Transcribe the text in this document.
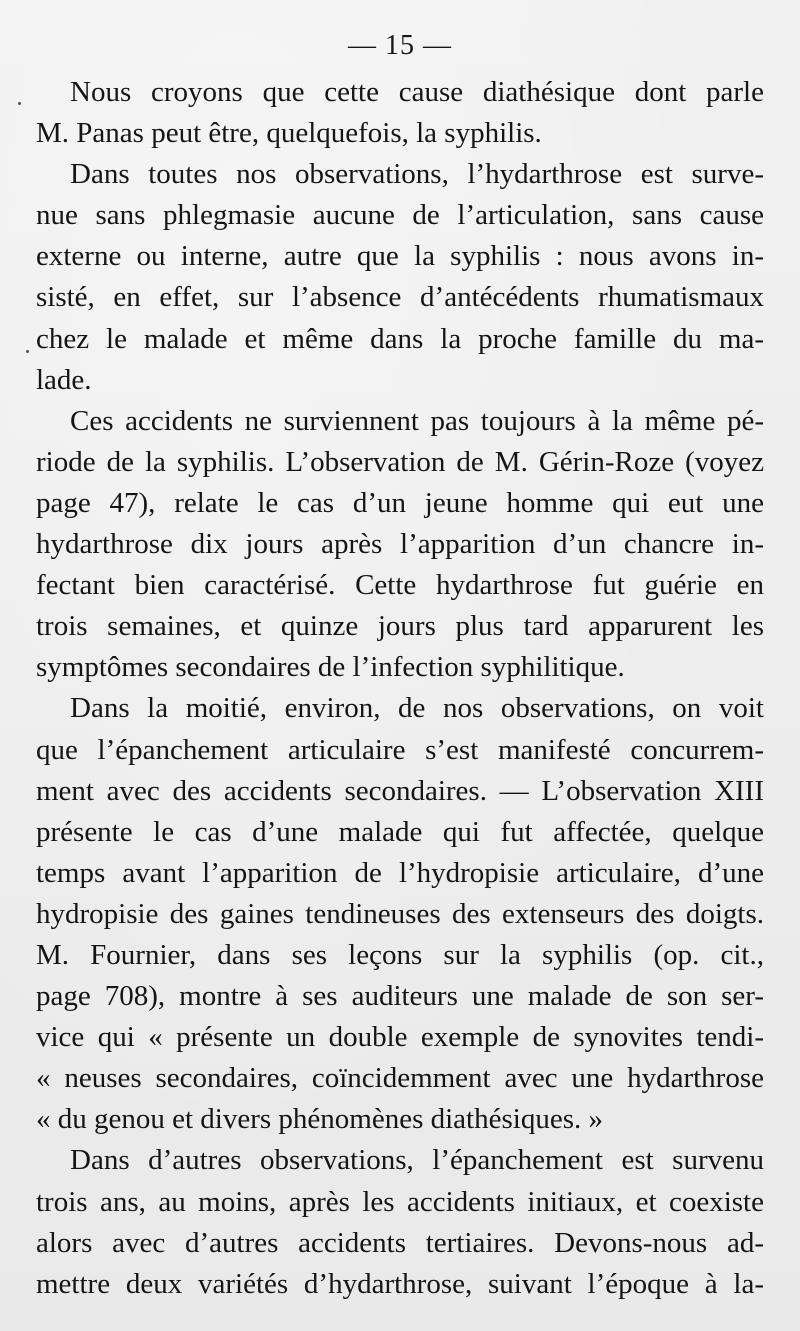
— 15 —
Nous croyons que cette cause diathésique dont parle
M. Panas peut être, quelquefois, la syphilis.
Dans toutes nos observations, l’hydarthrose est surve-
nue sans phlegmasie aucune de l’articulation, sans cause
externe ou interne, autre que la syphilis : nous avons in-
sisté, en effet, sur l’absence d’antécédents rhumatismaux
chez le malade et même dans la proche famille du ma-
lade.
Ces accidents ne surviennent pas toujours à la même pé-
riode de la syphilis. L’observation de M. Gérin-Roze (voyez
page 47), relate le cas d’un jeune homme qui eut une
hydarthrose dix jours après l’apparition d’un chancre in-
fectant bien caractérisé. Cette hydarthrose fut guérie en
trois semaines, et quinze jours plus tard apparurent les
symptômes secondaires de l’infection syphilitique.
Dans la moitié, environ, de nos observations, on voit
que l’épanchement articulaire s’est manifesté concurrem-
ment avec des accidents secondaires. — L’observation XIII
présente le cas d’une malade qui fut affectée, quelque
temps avant l’apparition de l’hydropisie articulaire, d’une
hydropisie des gaines tendineuses des extenseurs des doigts.
M. Fournier, dans ses leçons sur la syphilis (op. cit.,
page 708), montre à ses auditeurs une malade de son ser-
vice qui « présente un double exemple de synovites tendi-
« neuses secondaires, coïncidemment avec une hydarthrose
« du genou et divers phénomènes diathésiques. »
Dans d’autres observations, l’épanchement est survenu
trois ans, au moins, après les accidents initiaux, et coexiste
alors avec d’autres accidents tertiaires. Devons-nous ad-
mettre deux variétés d’hydarthrose, suivant l’époque à la-
